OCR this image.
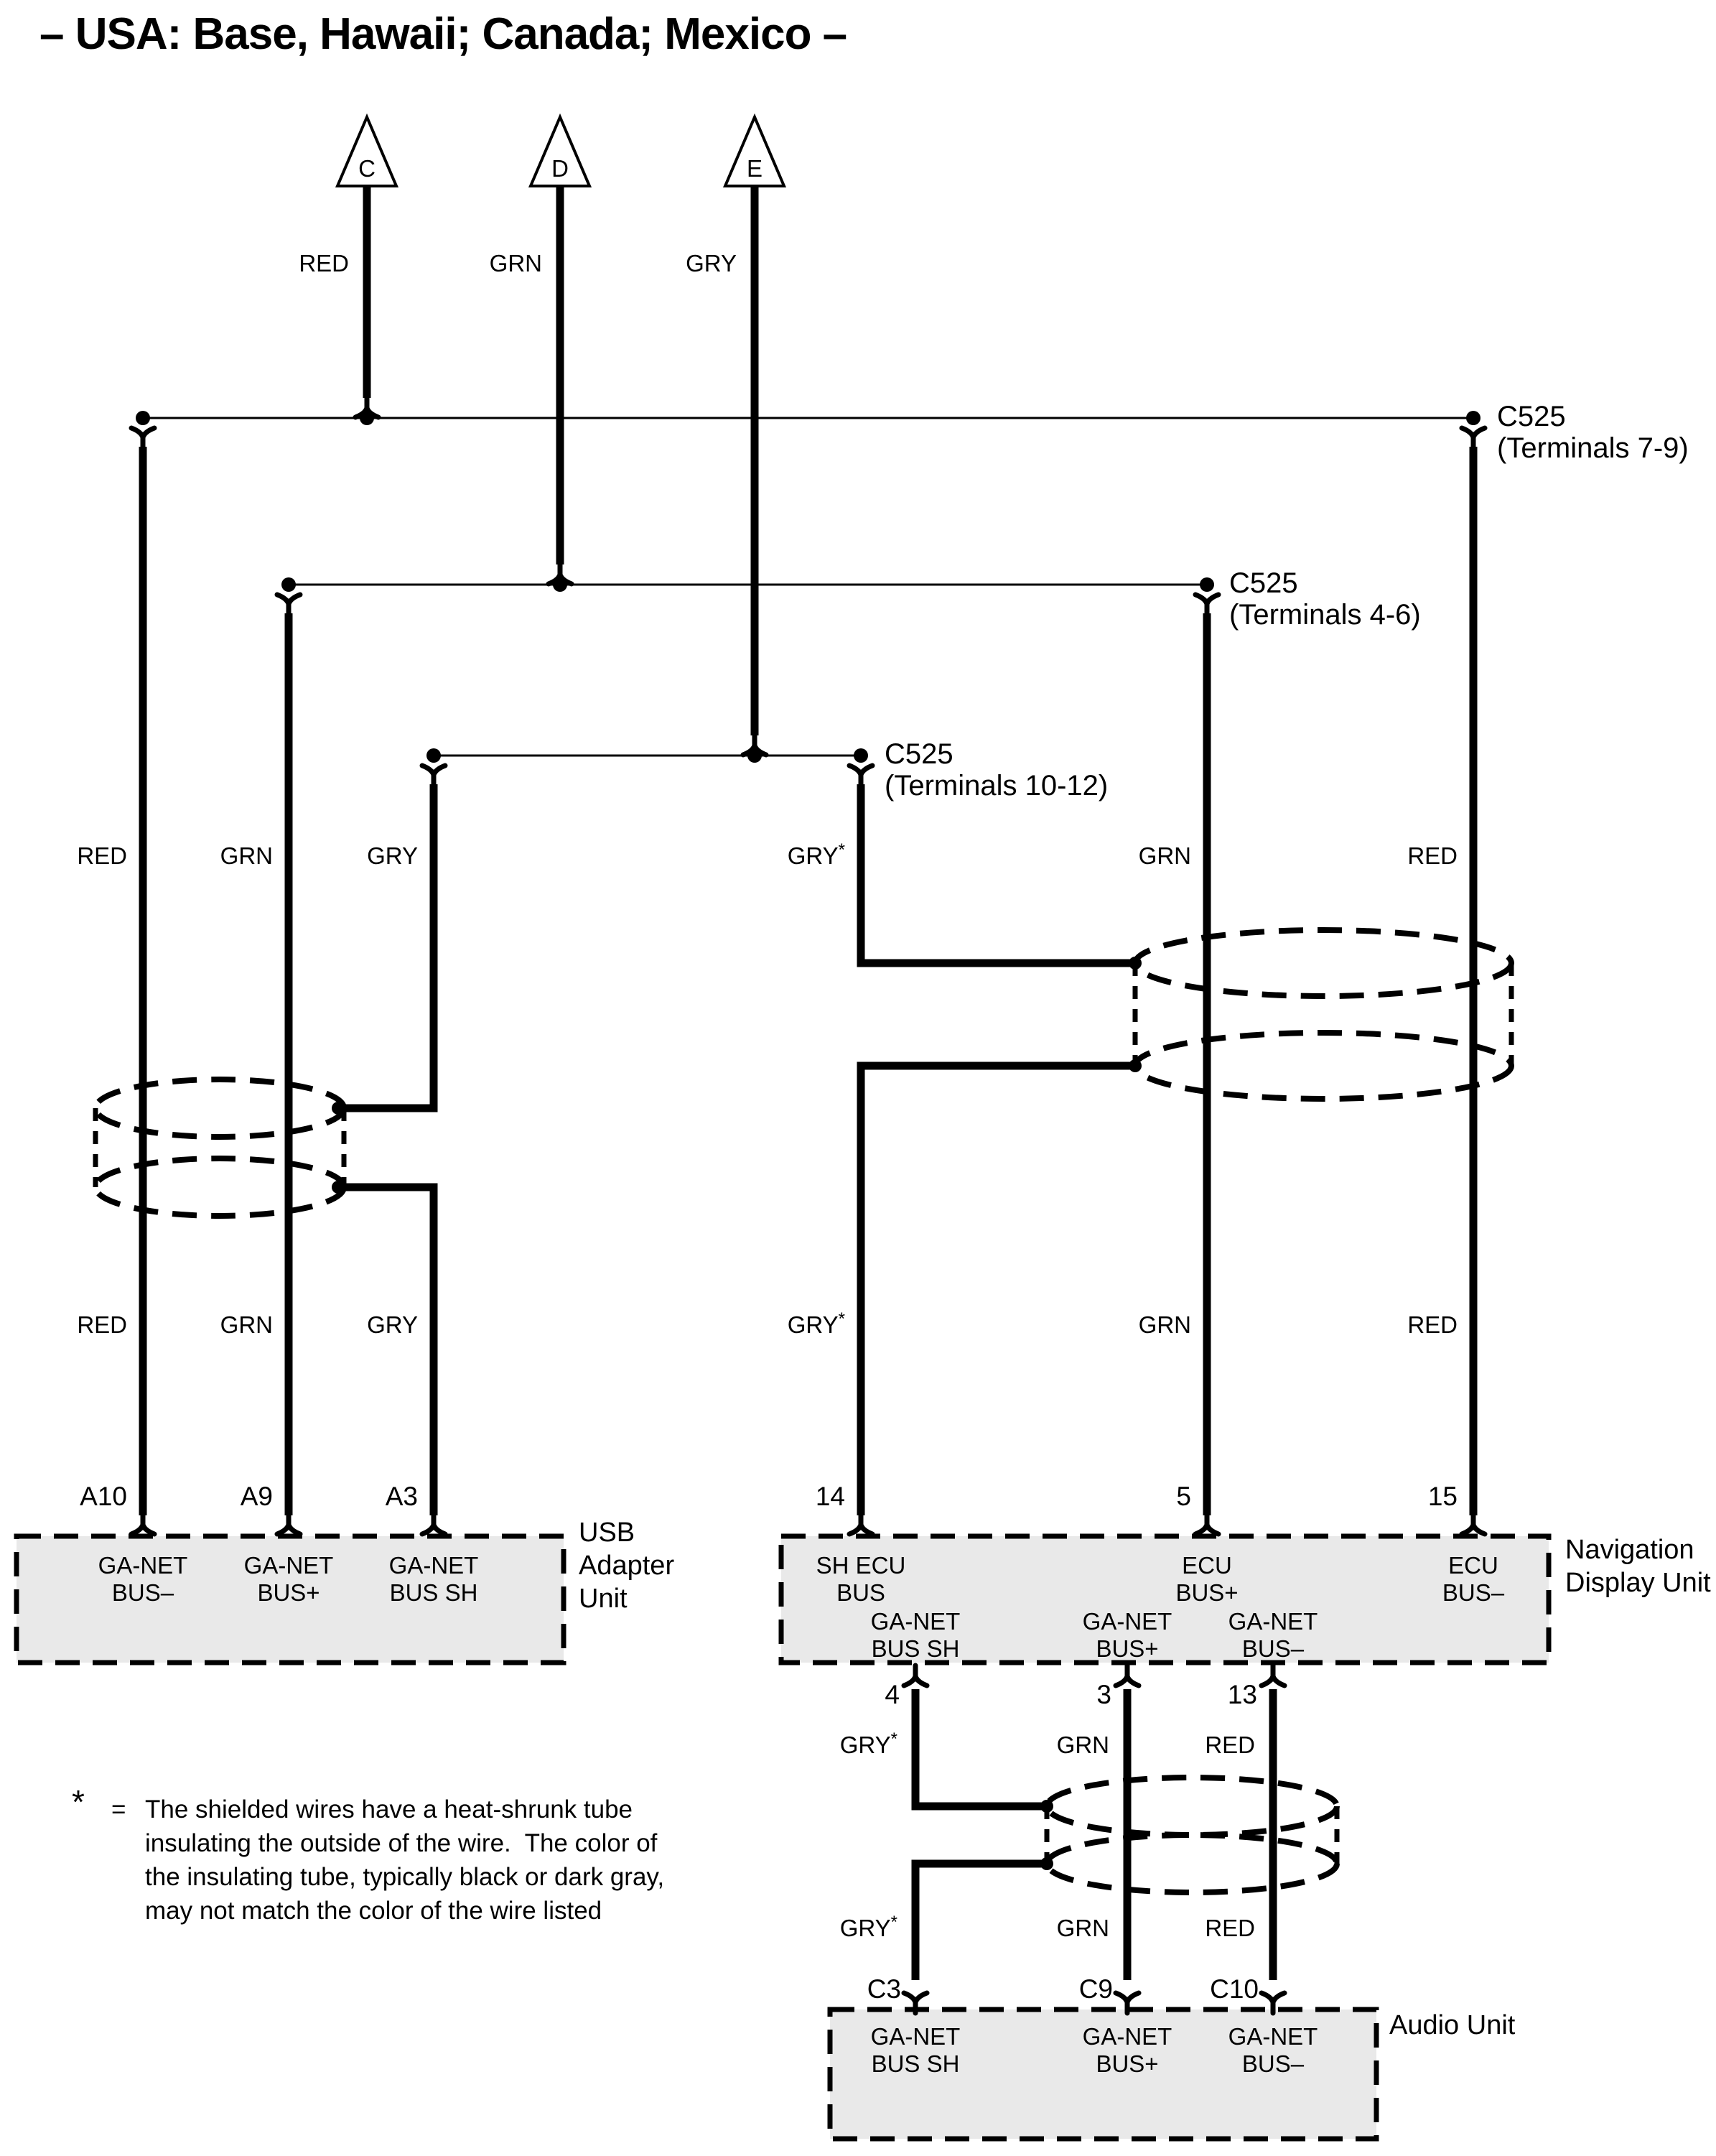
– USA: Base, Hawaii; Canada; Mexico –
C	D	E
RED	GRN	GRY
C525
(Terminals 7-9)
C525
(Terminals 4-6)
C525
(Terminals 10-12)
RED	GRN	GRY	GRY*	GRN	RED
RED	GRN	GRY	GRY*	GRN	RED
A10	A9	A3
GA-NET
BUS–
GA-NET
BUS+
GA-NET
BUS SH
USB
Adapter
Unit
14	5	15
SH ECU
BUS
ECU
BUS+
ECU
BUS–
GA-NET
BUS SH
GA-NET
BUS+
GA-NET
BUS–
Navigation
Display Unit
4	3	13
GRY*	GRN	RED
GRY*	GRN	RED
C3	C9	C10
GA-NET
BUS SH
GA-NET
BUS+
GA-NET
BUS–
Audio Unit
* = The shielded wires have a heat-shrunk tube
insulating the outside of the wire.  The color of
the insulating tube, typically black or dark gray,
may not match the color of the wire listed
